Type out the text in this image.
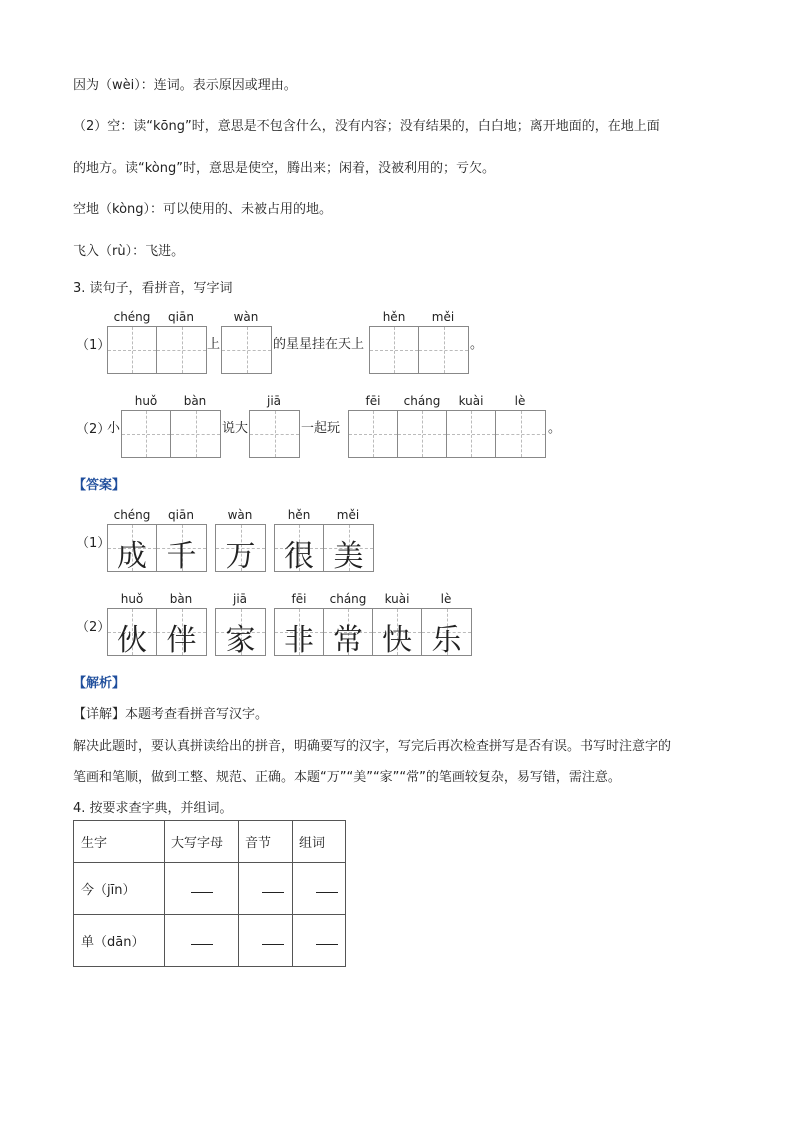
因为（wèi）：连词。表示原因或理由。
（2）空：读“kōng”时，意思是不包含什么，没有内容；没有结果的，白白地；离开地面的，在地上面
的地方。读“kòng”时，意思是使空，腾出来；闲着，没被利用的；亏欠。
空地（kòng）：可以使用的、未被占用的地。
飞入（rù）：飞进。
3. 读句子，看拼音，写字词
chéng	qiān	wàn	hěn	měi
（1）	上	的星星挂在天上	。
huǒ	bàn	jiā	fēi	cháng	kuài	lè
（2）
小	说大	一起玩	。
【答案】
chéng	qiān	wàn	hěn	měi
（1） 成 千 万 很 美
huǒ	bàn	jiā	fēi	cháng	kuài	lè
（2） 伙 伴 家 非 常 快 乐
【解析】
【详解】本题考查看拼音写汉字。
解决此题时，要认真拼读给出的拼音，明确要写的汉字，写完后再次检查拼写是否有误。书写时注意字的
笔画和笔顺，做到工整、规范、正确。本题“万”“美”“家”“常”的笔画较复杂，易写错，需注意。
4. 按要求查字典，并组词。
生字	大写字母	音节	组词
今（jīn）			
单（dān）			
